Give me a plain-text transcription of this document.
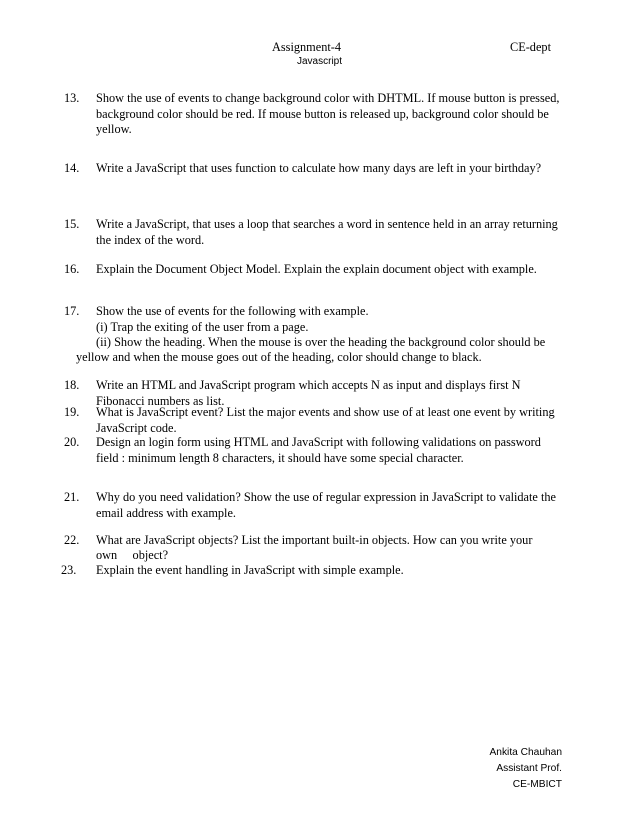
Assignment-4	CE-dept
Javascript
13. Show the use of events to change background color with DHTML. If mouse button is pressed, background color should be red. If mouse button is released up, background color should be yellow.
14. Write a JavaScript that uses function to calculate how many days are left in your birthday?
15. Write a JavaScript, that uses a loop that searches a word in sentence held in an array returning the index of the word.
16. Explain the Document Object Model. Explain the explain document object with example.
17. Show the use of events for the following with example.
(i) Trap the exiting of the user from a page.
(ii) Show the heading. When the mouse is over the heading the background color should be
yellow and when the mouse goes out of the heading, color should change to black.
18. Write an HTML and JavaScript program which accepts N as input and displays first N Fibonacci numbers as list.
19. What is JavaScript event? List the major events and show use of at least one event by writing JavaScript code.
20. Design an login form using HTML and JavaScript with following validations on password field : minimum length 8 characters, it should have some special character.
21. Why do you need validation? Show the use of regular expression in JavaScript to validate the email address with example.
22. What are JavaScript objects? List the important built-in objects. How can you write your
own     object?
23. Explain the event handling in JavaScript with simple example.
Ankita Chauhan
Assistant Prof.
CE-MBICT
